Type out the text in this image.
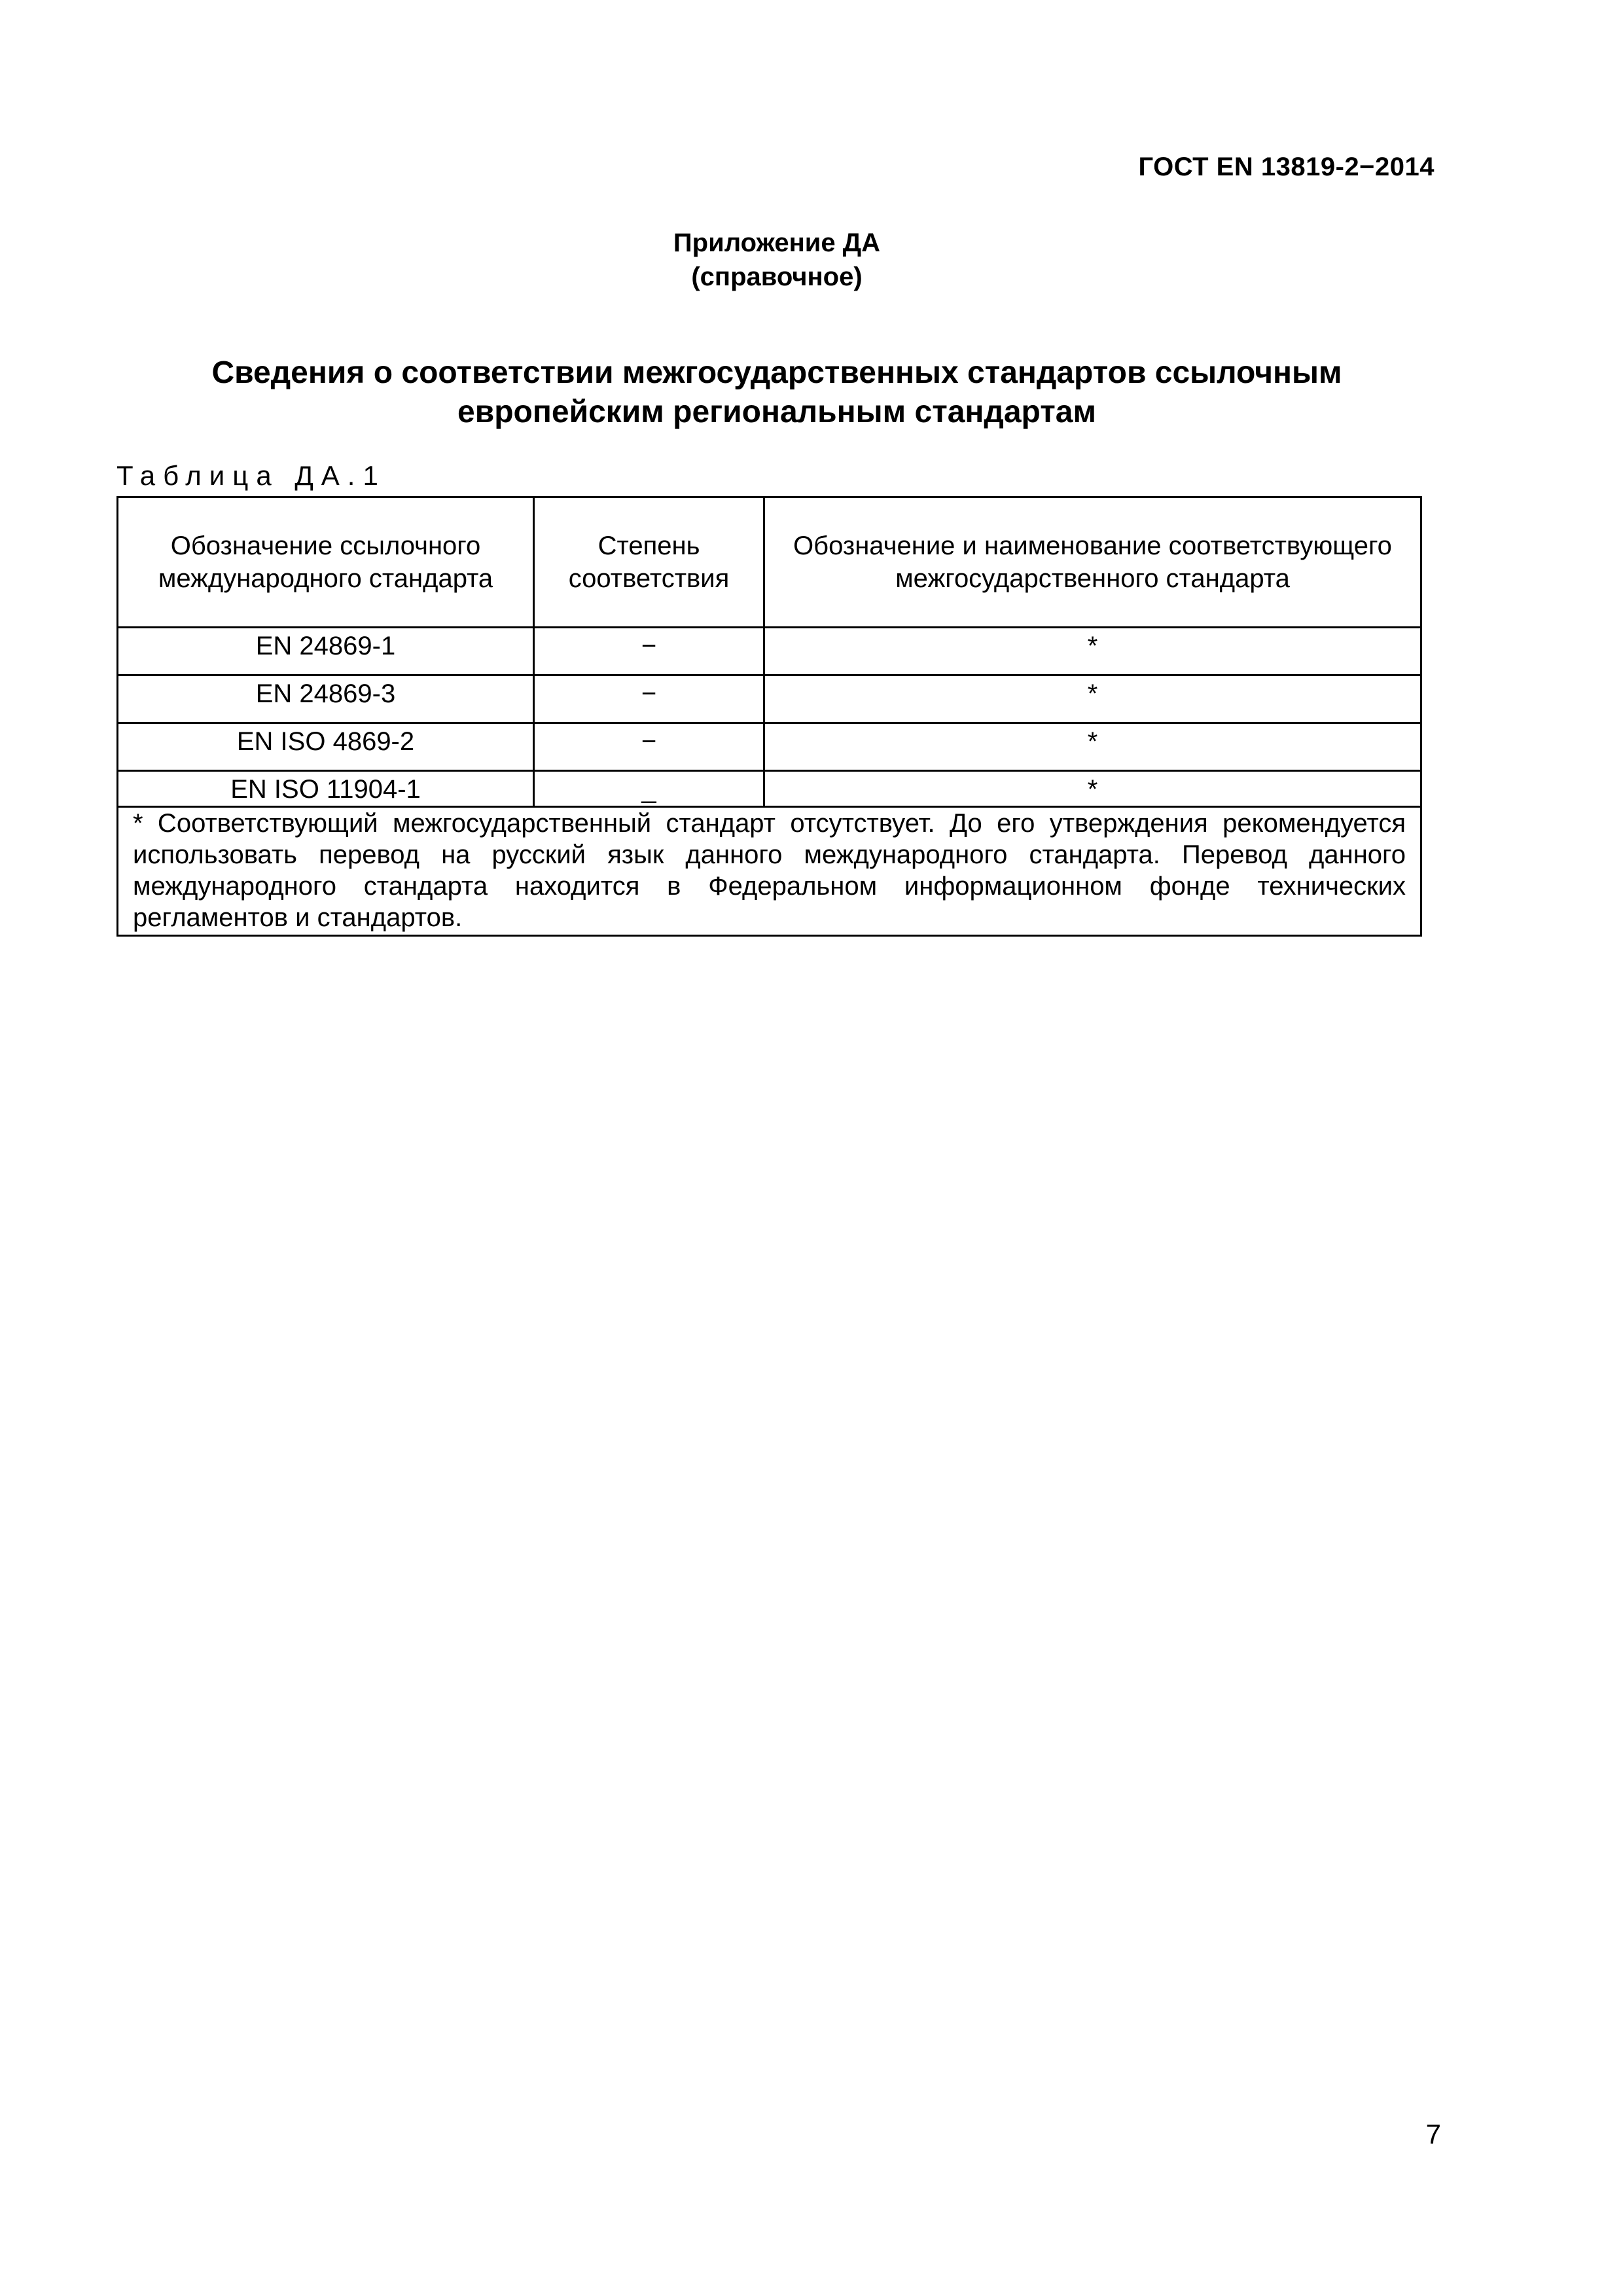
ГОСТ EN 13819-2−2014
Приложение ДА
(справочное)
Сведения о соответствии межгосударственных стандартов ссылочным
европейским региональным стандартам
Таблица ДА.1
Обозначение ссылочного международного стандарта	Степень соответствия	Обозначение и наименование соответствующего межгосударственного стандарта
EN 24869-1	−	*
EN 24869-3	−	*
EN ISO 4869-2	−	*
EN ISO 11904-1	_	*
* Соответствующий межгосударственный стандарт отсутствует. До его утверждения рекомендуется использовать перевод на русский язык данного международного стандарта. Перевод данного международного стандарта находится в Федеральном информационном фонде технических регламентов и стандартов.		
7
